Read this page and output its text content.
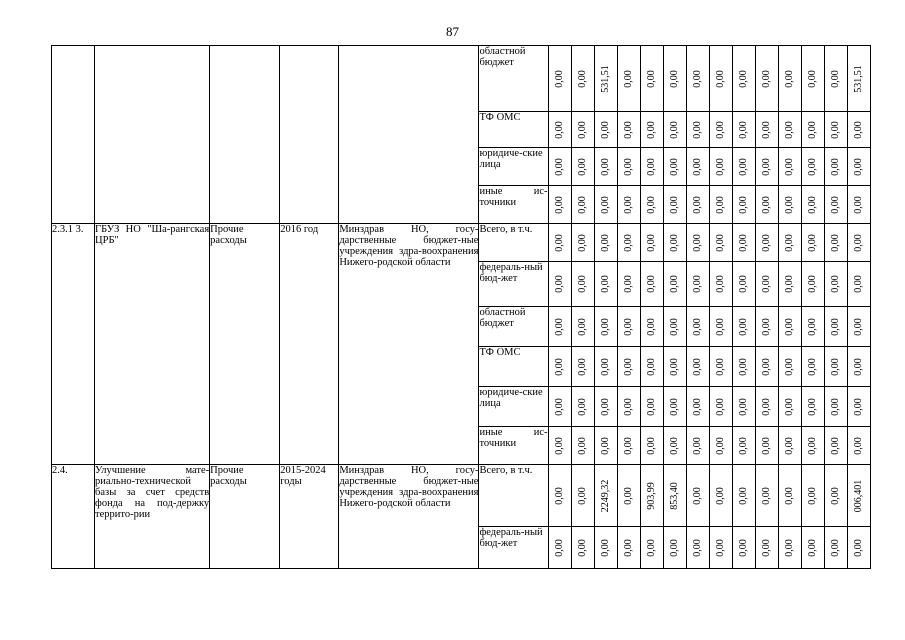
87
					областной бюджет	0,00	0,00	531,51	0,00	0,00	0,00	0,00	0,00	0,00	0,00	0,00	0,00	0,00	531,51

					ТФ ОМС	0,00	0,00	0,00	0,00	0,00	0,00	0,00	0,00	0,00	0,00	0,00	0,00	0,00	0,00

					юридиче-ские лица	0,00	0,00	0,00	0,00	0,00	0,00	0,00	0,00	0,00	0,00	0,00	0,00	0,00	0,00

					иные ис-точники	0,00	0,00	0,00	0,00	0,00	0,00	0,00	0,00	0,00	0,00	0,00	0,00	0,00	0,00

2.3.1 3.	ГБУЗ НО "Ша-рангская ЦРБ"	Прочие расходы	2016 год	Минздрав НО, госу-дарственные бюджет-ные учреждения здра-воохранения Нижего-родской области	Всего, в т.ч.	0,00	0,00	0,00	0,00	0,00	0,00	0,00	0,00	0,00	0,00	0,00	0,00	0,00	0,00

					федераль-ный бюд-жет	0,00	0,00	0,00	0,00	0,00	0,00	0,00	0,00	0,00	0,00	0,00	0,00	0,00	0,00

					областной бюджет	0,00	0,00	0,00	0,00	0,00	0,00	0,00	0,00	0,00	0,00	0,00	0,00	0,00	0,00

					ТФ ОМС	0,00	0,00	0,00	0,00	0,00	0,00	0,00	0,00	0,00	0,00	0,00	0,00	0,00	0,00

					юридиче-ские лица	0,00	0,00	0,00	0,00	0,00	0,00	0,00	0,00	0,00	0,00	0,00	0,00	0,00	0,00

					иные ис-точники	0,00	0,00	0,00	0,00	0,00	0,00	0,00	0,00	0,00	0,00	0,00	0,00	0,00	0,00

2.4.	Улучшение мате-риально-технической базы за счет средств фонда на под-держку террито-рии	Прочие расходы	2015-2024 годы	Минздрав НО, госу-дарственные бюджет-ные учреждения здра-воохранения Нижего-родской области	Всего, в т.ч.	0,00	0,00	2249,32	0,00	903,99	853,40	0,00	0,00	0,00	0,00	0,00	0,00	0,00	006,401

					федераль-ный бюд-жет	0,00	0,00	0,00	0,00	0,00	0,00	0,00	0,00	0,00	0,00	0,00	0,00	0,00	0,00
